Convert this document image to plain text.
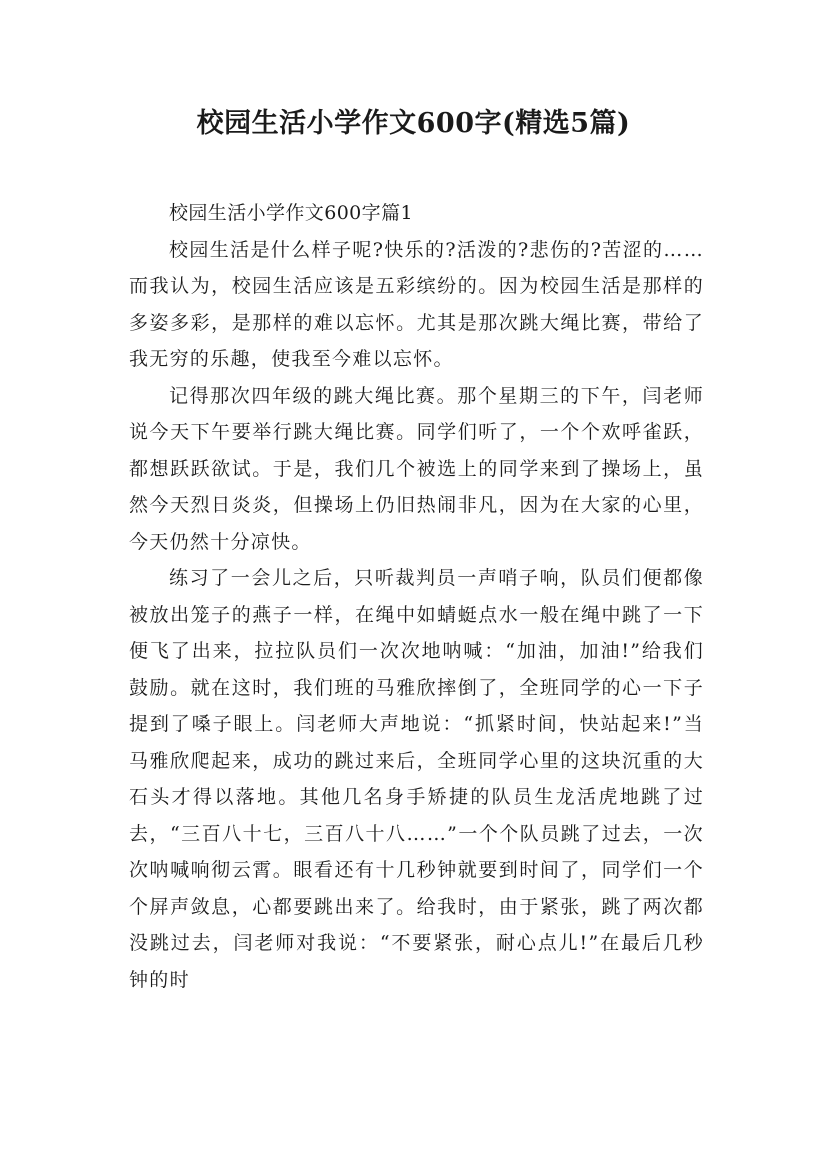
校园生活小学作文600字(精选5篇)

校园生活小学作文600字篇1

校园生活是什么样子呢?快乐的?活泼的?悲伤的?苦涩的……而我认为，校园生活应该是五彩缤纷的。因为校园生活是那样的多姿多彩，是那样的难以忘怀。尤其是那次跳大绳比赛，带给了我无穷的乐趣，使我至今难以忘怀。

记得那次四年级的跳大绳比赛。那个星期三的下午，闫老师说今天下午要举行跳大绳比赛。同学们听了，一个个欢呼雀跃，都想跃跃欲试。于是，我们几个被选上的同学来到了操场上，虽然今天烈日炎炎，但操场上仍旧热闹非凡，因为在大家的心里，今天仍然十分凉快。

练习了一会儿之后，只听裁判员一声哨子响，队员们便都像被放出笼子的燕子一样，在绳中如蜻蜓点水一般在绳中跳了一下便飞了出来，拉拉队员们一次次地呐喊：“加油，加油!”给我们鼓励。就在这时，我们班的马雅欣摔倒了，全班同学的心一下子提到了嗓子眼上。闫老师大声地说：“抓紧时间，快站起来!”当马雅欣爬起来，成功的跳过来后，全班同学心里的这块沉重的大石头才得以落地。其他几名身手矫捷的队员生龙活虎地跳了过去，“三百八十七，三百八十八……”一个个队员跳了过去，一次次呐喊响彻云霄。眼看还有十几秒钟就要到时间了，同学们一个个屏声敛息，心都要跳出来了。给我时，由于紧张，跳了两次都没跳过去，闫老师对我说：“不要紧张，耐心点儿!”在最后几秒钟的时
